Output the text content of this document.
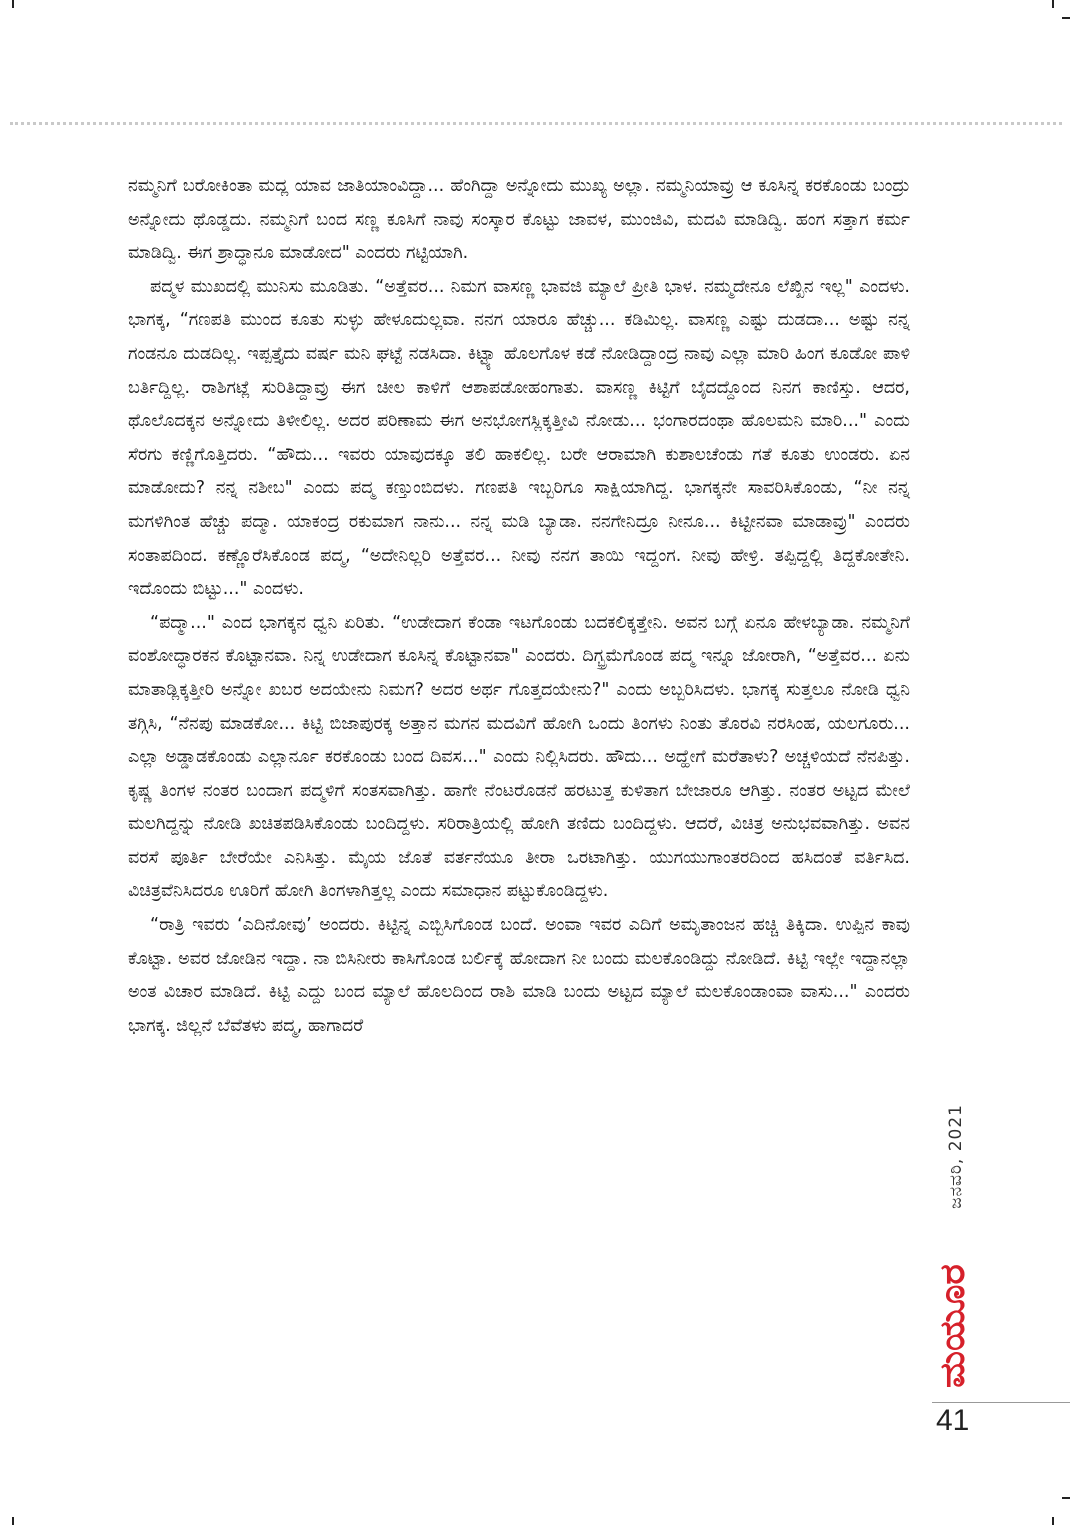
ನಮ್ಮನಿಗೆ ಬರೋಕಿಂತಾ ಮದ್ಲ ಯಾವ ಜಾತಿಯಾಂವಿದ್ದಾ... ಹೆಂಗಿದ್ದಾ ಅನ್ನೋದು ಮುಖ್ಯ ಅಲ್ಲಾ. ನಮ್ಮನಿಯಾವ್ರು ಆ ಕೂಸಿನ್ನ ಕರಕೊಂಡು ಬಂದ್ರು ಅನ್ನೋದು ಥೊಡ್ಡದು. ನಮ್ಮನಿಗೆ ಬಂದ ಸಣ್ಣ ಕೂಸಿಗೆ ನಾವು ಸಂಸ್ಕಾರ ಕೊಟ್ಟು ಜಾವಳ, ಮುಂಜಿವಿ, ಮದವಿ ಮಾಡಿದ್ವಿ. ಹಂಗ ಸತ್ತಾಗ ಕರ್ಮ ಮಾಡಿದ್ವಿ. ಈಗ ಶ್ರಾದ್ಧಾನೂ ಮಾಡೋದ" ಎಂದರು ಗಟ್ಟಿಯಾಗಿ.

ಪದ್ಮಳ ಮುಖದಲ್ಲಿ ಮುನಿಸು ಮೂಡಿತು. “ಅತ್ತೆವರ... ನಿಮಗ ವಾಸಣ್ಣ ಭಾವಜಿ ಮ್ಯಾಲೆ ಪ್ರೀತಿ ಭಾಳ. ನಮ್ಮದೇನೂ ಲೆಖ್ಖಿನ ಇಲ್ಲ" ಎಂದಳು. ಭಾಗಕ್ಕ, “ಗಣಪತಿ ಮುಂದ ಕೂತು ಸುಳ್ಳು ಹೇಳೂದುಲ್ಲವಾ. ನನಗ ಯಾರೂ ಹೆಚ್ಚು... ಕಡಿಮಿಲ್ಲ. ವಾಸಣ್ಣ ಎಷ್ಟು ದುಡದಾ... ಅಷ್ಟು ನನ್ನ ಗಂಡನೂ ದುಡದಿಲ್ಲ. ಇಪ್ಪತ್ತೈದು ವರ್ಷ ಮನಿ ಘಟ್ಟೆ ನಡಸಿದಾ. ಕಿಟ್ಟ್ಯಾ ಹೊಲಗೊಳ ಕಡೆ ನೋಡಿದ್ದಾಂದ್ರ ನಾವು ಎಲ್ಲಾ ಮಾರಿ ಹಿಂಗ ಕೂಡೋ ಪಾಳಿ ಬರ್ತಿದ್ದಿಲ್ಲ. ರಾಶಿಗಟ್ಲೆ ಸುರಿತಿದ್ದಾವ್ರು ಈಗ ಚೀಲ ಕಾಳಿಗೆ ಆಶಾಪಡೋಹಂಗಾತು. ವಾಸಣ್ಣ ಕಿಟ್ಟಿಗೆ ಬೈದದ್ದೊಂದ ನಿನಗ ಕಾಣಿಸ್ತು. ಆದರ, ಥೊಲೊದಕ್ಕನ ಅನ್ನೋದು ತಿಳೀಲಿಲ್ಲ. ಅದರ ಪರಿಣಾಮ ಈಗ ಅನಭೋಗಸ್ಲಿಕ್ಕತ್ತೀವಿ ನೋಡು... ಭಂಗಾರದಂಥಾ ಹೊಲಮನಿ ಮಾರಿ..." ಎಂದು ಸೆರಗು ಕಣ್ಣಿಗೊತ್ತಿದರು. “ಹೌದು... ಇವರು ಯಾವುದಕ್ಕೂ ತಲಿ ಹಾಕಲಿಲ್ಲ. ಬರೇ ಆರಾಮಾಗಿ ಕುಶಾಲಚೆಂಡು ಗತೆ ಕೂತು ಉಂಡರು. ಏನ ಮಾಡೋದು? ನನ್ನ ನಶೀಬ" ಎಂದು ಪದ್ಮ ಕಣ್ತುಂಬಿದಳು. ಗಣಪತಿ ಇಬ್ಬರಿಗೂ ಸಾಕ್ಷಿಯಾಗಿದ್ದ. ಭಾಗಕ್ಕನೇ ಸಾವರಿಸಿಕೊಂಡು, “ನೀ ನನ್ನ ಮಗಳಿಗಿಂತ ಹೆಚ್ಚು ಪದ್ಮಾ. ಯಾಕಂದ್ರ ರಕುಮಾಗ ನಾನು... ನನ್ನ ಮಡಿ ಬ್ಯಾಡಾ. ನನಗೇನಿದ್ರೂ ನೀನೂ... ಕಿಟ್ಟೀನವಾ ಮಾಡಾವ್ರು" ಎಂದರು ಸಂತಾಪದಿಂದ. ಕಣ್ಣೊರೆಸಿಕೊಂಡ ಪದ್ಮ, “ಅದೇನಿಲ್ಲರಿ ಅತ್ತೆವರ... ನೀವು ನನಗ ತಾಯಿ ಇದ್ದಂಗ. ನೀವು ಹೇಳ್ರಿ. ತಪ್ಪಿದ್ದಲ್ಲಿ ತಿದ್ದಕೋತೇನಿ. ಇದೊಂದು ಬಿಟ್ಟು..." ಎಂದಳು.

“ಪದ್ಮಾ..." ಎಂದ ಭಾಗಕ್ಕನ ಧ್ವನಿ ಏರಿತು. “ಉಡೇದಾಗ ಕೆಂಡಾ ಇಟಗೊಂಡು ಬದಕಲಿಕ್ಕತ್ತೇನಿ. ಅವನ ಬಗ್ಗೆ ಏನೂ ಹೇಳಬ್ಯಾಡಾ. ನಮ್ಮನಿಗೆ ವಂಶೋದ್ಧಾರಕನ ಕೊಟ್ಟಾನವಾ. ನಿನ್ನ ಉಡೇದಾಗ ಕೂಸಿನ್ನ ಕೊಟ್ಟಾನವಾ" ಎಂದರು. ದಿಗ್ಭ್ರಮೆಗೊಂಡ ಪದ್ಮ ಇನ್ನೂ ಜೋರಾಗಿ, “ಅತ್ತೆವರ... ಏನು ಮಾತಾಡ್ಲಿಕ್ಕತ್ತೀರಿ ಅನ್ನೋ ಖಬರ ಅದಯೇನು ನಿಮಗ? ಅದರ ಅರ್ಥ ಗೊತ್ತದಯೇನು?" ಎಂದು ಅಬ್ಬರಿಸಿದಳು. ಭಾಗಕ್ಕ ಸುತ್ತಲೂ ನೋಡಿ ಧ್ವನಿ ತಗ್ಗಿಸಿ, “ನೆನಪು ಮಾಡಕೋ... ಕಿಟ್ಟಿ ಬಿಜಾಪುರಕ್ಕ ಅತ್ತಾನ ಮಗನ ಮದವಿಗೆ ಹೋಗಿ ಒಂದು ತಿಂಗಳು ನಿಂತು ತೊರವಿ ನರಸಿಂಹ, ಯಲಗೂರು... ಎಲ್ಲಾ ಅಡ್ಡಾಡಕೊಂಡು ಎಲ್ಲಾರ್ನೂ ಕರಕೊಂಡು ಬಂದ ದಿವಸ..." ಎಂದು ನಿಲ್ಲಿಸಿದರು. ಹೌದು... ಅದ್ಹೇಗೆ ಮರೆತಾಳು? ಅಚ್ಚಳಿಯದೆ ನೆನಪಿತ್ತು. ಕೃಷ್ಣ ತಿಂಗಳ ನಂತರ ಬಂದಾಗ ಪದ್ಮಳಿಗೆ ಸಂತಸವಾಗಿತ್ತು. ಹಾಗೇ ನೆಂಟರೊಡನೆ ಹರಟುತ್ತ ಕುಳಿತಾಗ ಬೇಜಾರೂ ಆಗಿತ್ತು. ನಂತರ ಅಟ್ಟದ ಮೇಲೆ ಮಲಗಿದ್ದನ್ನು ನೋಡಿ ಖಚಿತಪಡಿಸಿಕೊಂಡು ಬಂದಿದ್ದಳು. ಸರಿರಾತ್ರಿಯಲ್ಲಿ ಹೋಗಿ ತಣಿದು ಬಂದಿದ್ದಳು. ಆದರೆ, ವಿಚಿತ್ರ ಅನುಭವವಾಗಿತ್ತು. ಅವನ ವರಸೆ ಪೂರ್ತಿ ಬೇರೆಯೇ ಎನಿಸಿತ್ತು. ಮೈಯ ಜೊತೆ ವರ್ತನೆಯೂ ತೀರಾ ಒರಟಾಗಿತ್ತು. ಯುಗಯುಗಾಂತರದಿಂದ ಹಸಿದಂತೆ ವರ್ತಿಸಿದ. ವಿಚಿತ್ರವೆನಿಸಿದರೂ ಊರಿಗೆ ಹೋಗಿ ತಿಂಗಳಾಗಿತ್ತಲ್ಲ ಎಂದು ಸಮಾಧಾನ ಪಟ್ಟುಕೊಂಡಿದ್ದಳು.

“ರಾತ್ರಿ ಇವರು ‘ಎದಿನೋವು’ ಅಂದರು. ಕಿಟ್ಟಿನ್ನ ಎಬ್ಬಿಸಿಗೊಂಡ ಬಂದೆ. ಅಂವಾ ಇವರ ಎದಿಗೆ ಅಮೃತಾಂಜನ ಹಚ್ಚಿ ತಿಕ್ಕಿದಾ. ಉಪ್ಪಿನ ಕಾವು ಕೊಟ್ಟಾ. ಅವರ ಜೋಡಿನ ಇದ್ದಾ. ನಾ ಬಿಸಿನೀರು ಕಾಸಿಗೊಂಡ ಬರ್ಲಿಕ್ಕೆ ಹೋದಾಗ ನೀ ಬಂದು ಮಲಕೊಂಡಿದ್ದು ನೋಡಿದೆ. ಕಿಟ್ಟಿ ಇಲ್ಲೇ ಇದ್ದಾನಲ್ಲಾ ಅಂತ ವಿಚಾರ ಮಾಡಿದೆ. ಕಿಟ್ಟಿ ಎದ್ದು ಬಂದ ಮ್ಯಾಲೆ ಹೊಲದಿಂದ ರಾಶಿ ಮಾಡಿ ಬಂದು ಅಟ್ಟದ ಮ್ಯಾಲೆ ಮಲಕೊಂಡಾಂವಾ ವಾಸು..." ಎಂದರು ಭಾಗಕ್ಕ. ಜಿಲ್ಲನೆ ಬೆವೆತಳು ಪದ್ಮ, ಹಾಗಾದರೆ

ಜನವರಿ, 2021
ಮಯೂರ
41
